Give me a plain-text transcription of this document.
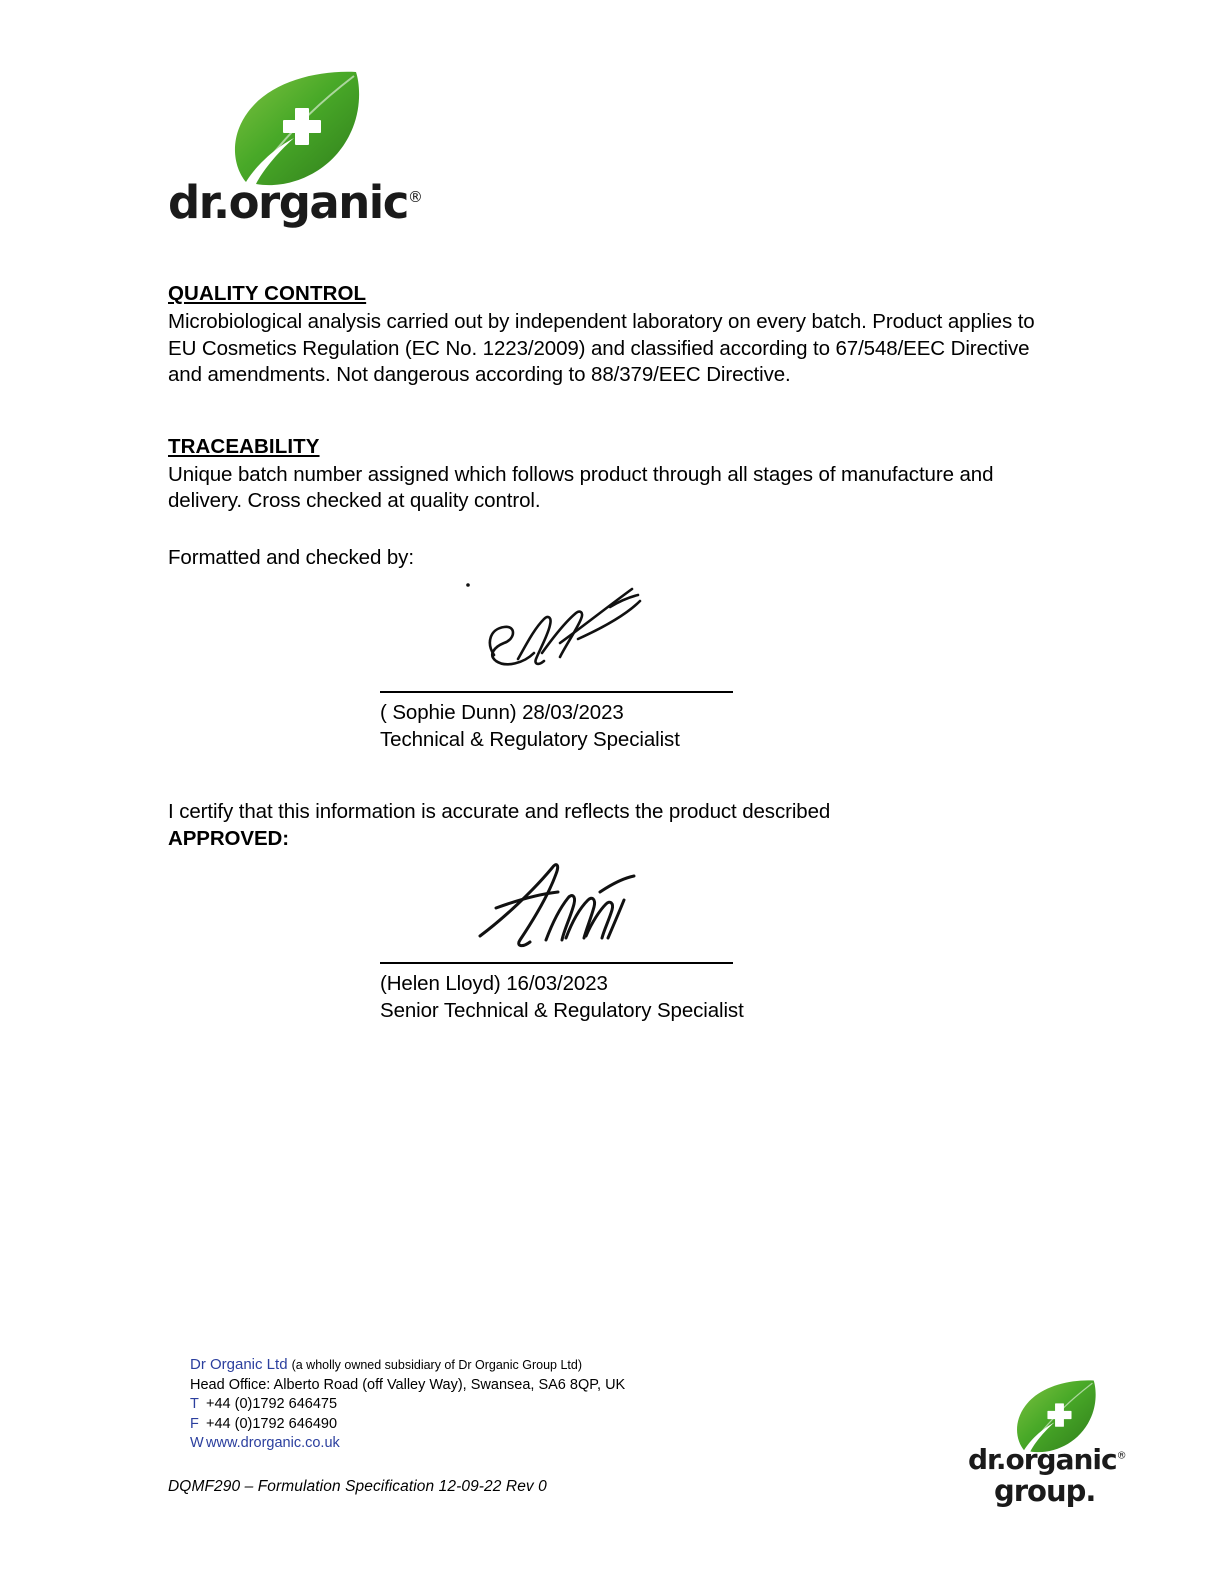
dr.organic®
QUALITY CONTROL

Microbiological analysis carried out by independent laboratory on every batch. Product applies to EU Cosmetics Regulation (EC No. 1223/2009) and classified according to 67/548/EEC Directive and amendments. Not dangerous according to 88/379/EEC Directive.

TRACEABILITY

Unique batch number assigned which follows product through all stages of manufacture and delivery. Cross checked at quality control.

Formatted and checked by:

( Sophie Dunn) 28/03/2023
Technical & Regulatory Specialist

I certify that this information is accurate and reflects the product described

APPROVED:

(Helen Lloyd) 16/03/2023
Senior Technical & Regulatory Specialist
Dr Organic Ltd (a wholly owned subsidiary of Dr Organic Group Ltd)
Head Office: Alberto Road (off Valley Way), Swansea, SA6 8QP, UK
T +44 (0)1792 646475
F +44 (0)1792 646490
W www.drorganic.co.uk
DQMF290 – Formulation Specification 12-09-22 Rev 0
dr.organic®
group.
